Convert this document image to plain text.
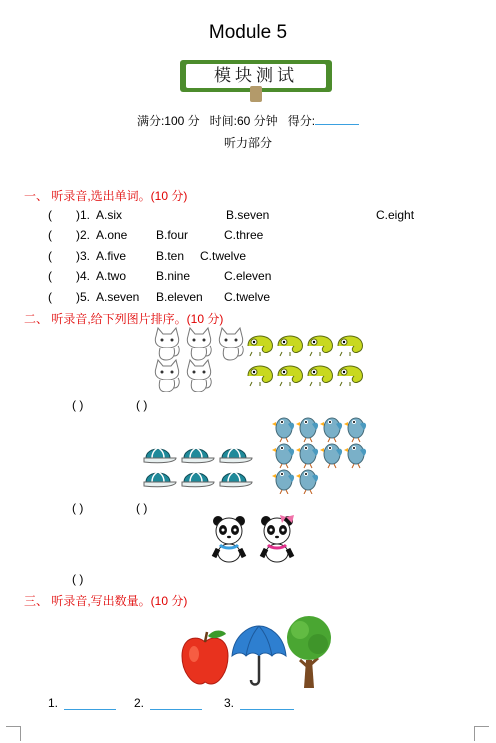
Module 5
模块测试
满分:100 分 时间:60 分钟 得分:
听力部分
一、 听录音,选出单词。(10 分)
( )1. A.six	B.seven	C.eight
( )2. A.one B.four	C.three
( )3. A.five B.ten C.twelve
( )4. A.two B.nine	C.eleven
( )5. A.seven B.eleven C.twelve
二、 听录音,给下列图片排序。(10 分)
( )	( )
( )	( )
( )
三、 听录音,写出数量。(10 分)
1.	2.	3.
